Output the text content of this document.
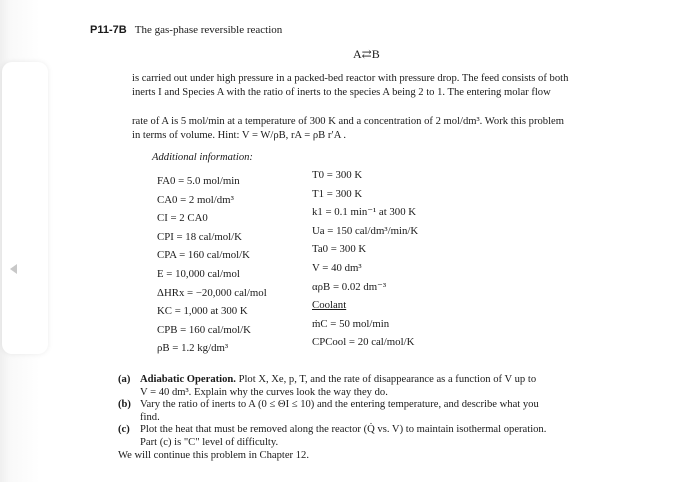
P11-7B The gas-phase reversible reaction
A⇄B
is carried out under high pressure in a packed-bed reactor with pressure drop. The feed consists of both
inerts I and Species A with the ratio of inerts to the species A being 2 to 1. The entering molar flow
rate of A is 5 mol/min at a temperature of 300 K and a concentration of 2 mol/dm³. Work this problem
in terms of volume. Hint: V = W/ρB, rA = ρB r′A .
Additional information:
FA0 = 5.0 mol/min
CA0 = 2 mol/dm³
CI = 2 CA0
CPI = 18 cal/mol/K
CPA = 160 cal/mol/K
E = 10,000 cal/mol
ΔHRx = −20,000 cal/mol
KC = 1,000 at 300 K
CPB = 160 cal/mol/K
ρB = 1.2 kg/dm³
T0 = 300 K
T1 = 300 K
k1 = 0.1 min⁻¹ at 300 K
Ua = 150 cal/dm³/min/K
Ta0 = 300 K
V = 40 dm³
αρB = 0.02 dm⁻³
Coolant
ṁC = 50 mol/min
CPCool = 20 cal/mol/K
(a) Adiabatic Operation. Plot X, Xe, p, T, and the rate of disappearance as a function of V up to
V = 40 dm³. Explain why the curves look the way they do.
(b) Vary the ratio of inerts to A (0 ≤ ΘI ≤ 10) and the entering temperature, and describe what you
find.
(c) Plot the heat that must be removed along the reactor (Q̇ vs. V) to maintain isothermal operation.
Part (c) is "C" level of difficulty.
We will continue this problem in Chapter 12.
